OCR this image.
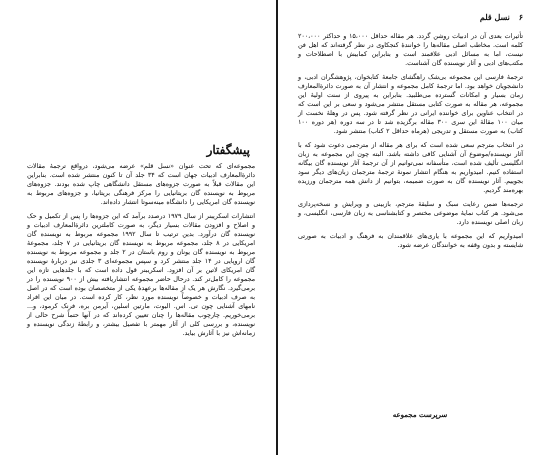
۶ نسل قلم

تأثیرات بعدی آن در ادبیات روشن گردد. هر مقاله حداقل ۱۵،۰۰۰ و حداکثر ۲۰۰،۰۰۰ کلمه است. مخاطب اصلی مقاله‌ها را خوانندهٔ کنجکاوی در نظر گرفته‌اند که اهل فن نیست، اما به مسائل ادبی علاقمند است و بنابراین کمابیش با اصطلاحات و مکتب‌های ادبی و آثار نویسنده گان آشناست.

ترجمهٔ فارسی این مجموعه بی‌شک راهگشای جامعهٔ کتابخوان، پژوهشگران ادبی، و دانشجویان خواهد بود. اما ترجمهٔ کامل مجموعه و انتشار آن به صورت دائرة‌المعارف زمان بسیار و امکانات گسترده می‌طلبید. بنابراین به پیروی از سنت اولیهٔ این مجموعه، هر مقاله به صورت کتابی مستقل منتشر می‌شود و سعی بر این است که در انتخاب عناوین برای خواننده ایرانی در نظر گرفته شود. پس در وهلهٔ نخست از میان ۱۰۰ مقالهٔ این سری ۳۰۰ مقاله برگزیده شد تا در سه دوره (هر دوره ۱۰۰ کتاب) به صورت مستقل و تدریجی (هرماه حداقل ۲ کتاب) منتشر شود.

در انتخاب مترجم سعی شده است که برای هر مقاله از مترجمی دعوت شود که با آثار نویسنده/موضوع آن آشنایی کافی داشته باشد. البته چون این مجموعه به زبان انگلیسی تألیف شده است، متأسفانه نمی‌توانیم از آن ترجمهٔ آثار نویسنده گان بیگانه استفاده کنیم. امیدواریم به هنگام انتشار نمونهٔ ترجمهٔ مترجمان زبان‌های دیگر سود بجوییم. آثار نویسنده گان به صورت ضمیمه، بتوانیم از دانش همه مترجمان ورزیده بهره‌مند گردیم.

ترجمه‌ها ضمن رعایت سبک و سلیقهٔ مترجم، بازبینی و ویرایش و نسخه‌پردازی می‌شود. هر کتاب نمایهٔ موضوعی مختصر و کتابشناسی به زبان فارسی، انگلیسی، و زبان اصلی نویسنده دارد.

امیدواریم که این مجموعه با یاری‌های علاقمندان به فرهنگ و ادبیات به صورتی شایسته و بدون وقفه به خوانندگان عرضه شود.

سرپرست مجموعه
پیشگفتار

مجموعه‌ای که تحت عنوان «نسل قلم» عرضه می‌شود، درواقع ترجمهٔ مقالات دائرة‌المعارف ادبیات جهان است که ۳۴ جلد آن تا کنون منتشر شده است. بنابراین این مقالات قبلاً به صورت جزوه‌های مستقل دانشگاهی چاپ شده بودند. جزوه‌های مربوط به نویسنده گان بریتانیایی را مرکز فرهنگی بریتانیا، و جزوه‌های مربوط به نویسنده گان امریکایی را دانشگاه مینه‌سوتا انتشار داده‌اند.

انتشارات اسکریبنر از سال ۱۹۷۹ درصدد برآمد که این جزوه‌ها را پس از تکمیل و حک و اصلاح و افزودن مقالات بسیار دیگر، به صورت کاملترین دائرة‌المعارف ادبیات و نویسنده گان درآورد. بدین ترتیب تا سال ۱۹۹۲ مجموعه مربوط به نویسنده گان امریکایی در ۸ جلد، مجموعه مربوط به نویسنده گان بریتانیایی در ۷ جلد، مجموعهٔ مربوط به نویسنده گان یونان و روم باستان در ۲ جلد و مجموعه مربوط به نویسنده گان اروپایی در ۱۴ جلد منتشر کرد و سپس مجموعه‌ای ۳ جلدی نیز دربارهٔ نویسنده گان امریکای لاتین بر آن افزود. اسکریبنر قول داده است که با جلدهایی تازه این مجموعه را کامل‌تر کند. درحال حاضر مجموعه انتشاریافته بیش از ۹۰۰ نویسنده را در برمی‌گیرد. نگارش هر یک از مقاله‌ها برعهدهٔ یکی از متخصصان بوده است که در اصل به صرف ادبیات و خصوصاً نویسنده مورد نظر، کار کرده است. در میان این افراد نامهای آشنایی چون تی. اس. الیوت، مارتین اسلین، آیرمن بره، فرنک کرمود، و... برمی‌خوریم. چارچوب مقاله‌ها را چنان تعیین کرده‌اند که در آنها حتماً شرح حالی از نویسنده، و بررسی کلی از آثار مهمتر با تفصیل بیشتر، و رابطهٔ زندگی نویسنده و زمانه‌اش نیز با آثارش بیاید.
